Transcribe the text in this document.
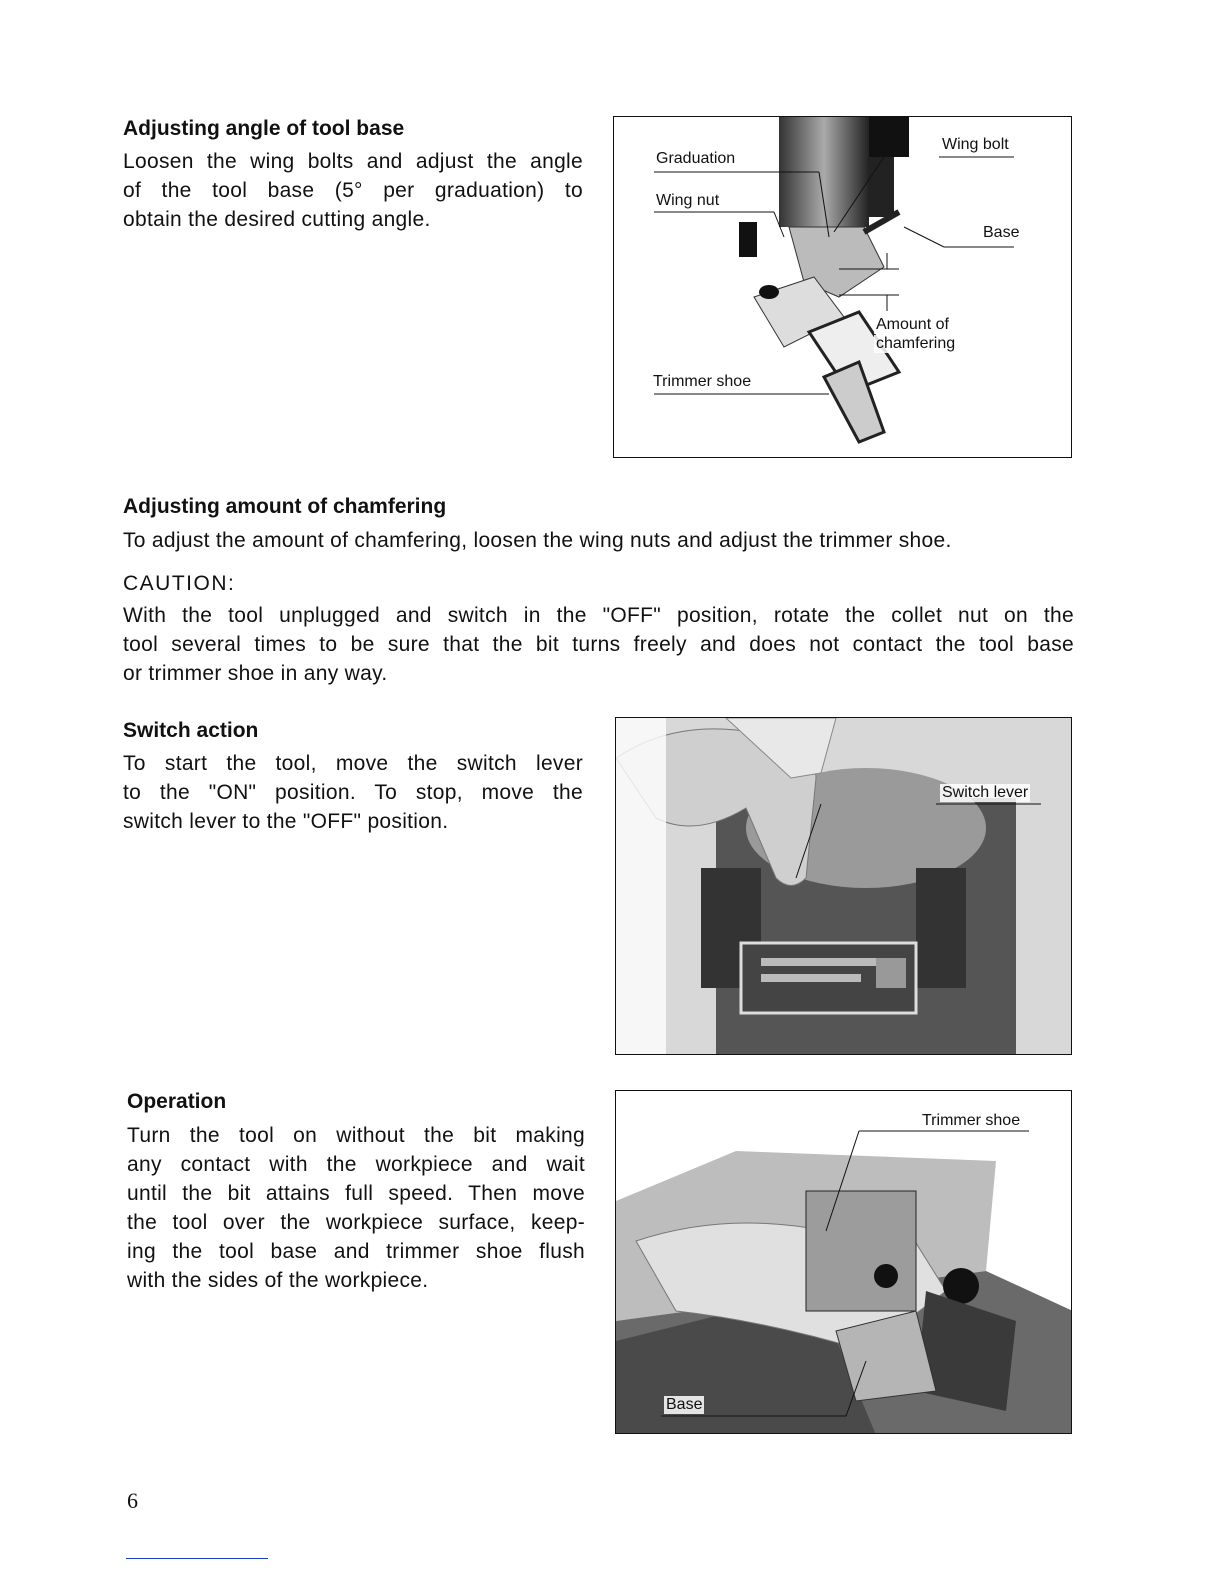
Adjusting angle of tool base
Loosen the wing bolts and adjust the angle
of the tool base (5° per graduation) to
obtain the desired cutting angle.
Graduation
Wing bolt
Wing nut
Base
Amount of
chamfering
Trimmer shoe
Adjusting amount of chamfering
To adjust the amount of chamfering, loosen the wing nuts and adjust the trimmer shoe.
CAUTION:
With the tool unplugged and switch in the "OFF" position, rotate the collet nut on the
tool several times to be sure that the bit turns freely and does not contact the tool base
or trimmer shoe in any way.
Switch action
To start the tool, move the switch lever
to the "ON" position. To stop, move the
switch lever to the "OFF" position.
Switch lever
Operation
Turn the tool on without the bit making
any contact with the workpiece and wait
until the bit attains full speed. Then move
the tool over the workpiece surface, keep-
ing the tool base and trimmer shoe flush
with the sides of the workpiece.
Trimmer shoe
Base
6
